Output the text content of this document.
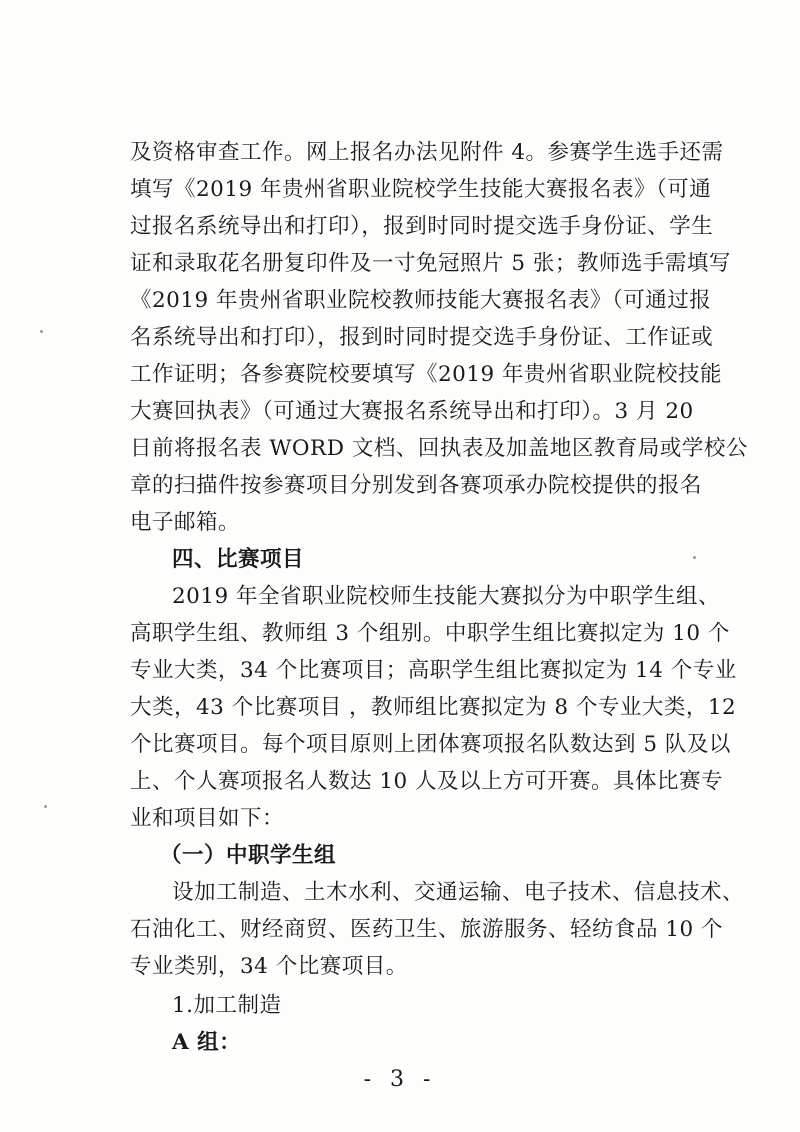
及资格审查工作。网上报名办法见附件 4。参赛学生选手还需
填写《2019 年贵州省职业院校学生技能大赛报名表》（可通
过报名系统导出和打印），报到时同时提交选手身份证、学生
证和录取花名册复印件及一寸免冠照片 5 张；教师选手需填写
《2019 年贵州省职业院校教师技能大赛报名表》（可通过报
名系统导出和打印），报到时同时提交选手身份证、工作证或
工作证明；各参赛院校要填写《2019 年贵州省职业院校技能
大赛回执表》（可通过大赛报名系统导出和打印）。3 月 20
日前将报名表 WORD 文档、回执表及加盖地区教育局或学校公
章的扫描件按参赛项目分别发到各赛项承办院校提供的报名
电子邮箱。
四、比赛项目
2019 年全省职业院校师生技能大赛拟分为中职学生组、
高职学生组、教师组 3 个组别。中职学生组比赛拟定为 10 个
专业大类，34 个比赛项目；高职学生组比赛拟定为 14 个专业
大类，43 个比赛项目 ，教师组比赛拟定为 8 个专业大类，12
个比赛项目。每个项目原则上团体赛项报名队数达到 5 队及以
上、个人赛项报名人数达 10 人及以上方可开赛。具体比赛专
业和项目如下：
（一）中职学生组
设加工制造、土木水利、交通运输、电子技术、信息技术、
石油化工、财经商贸、医药卫生、旅游服务、轻纺食品 10 个
专业类别，34 个比赛项目。
1.加工制造
A 组：
- 3 -
